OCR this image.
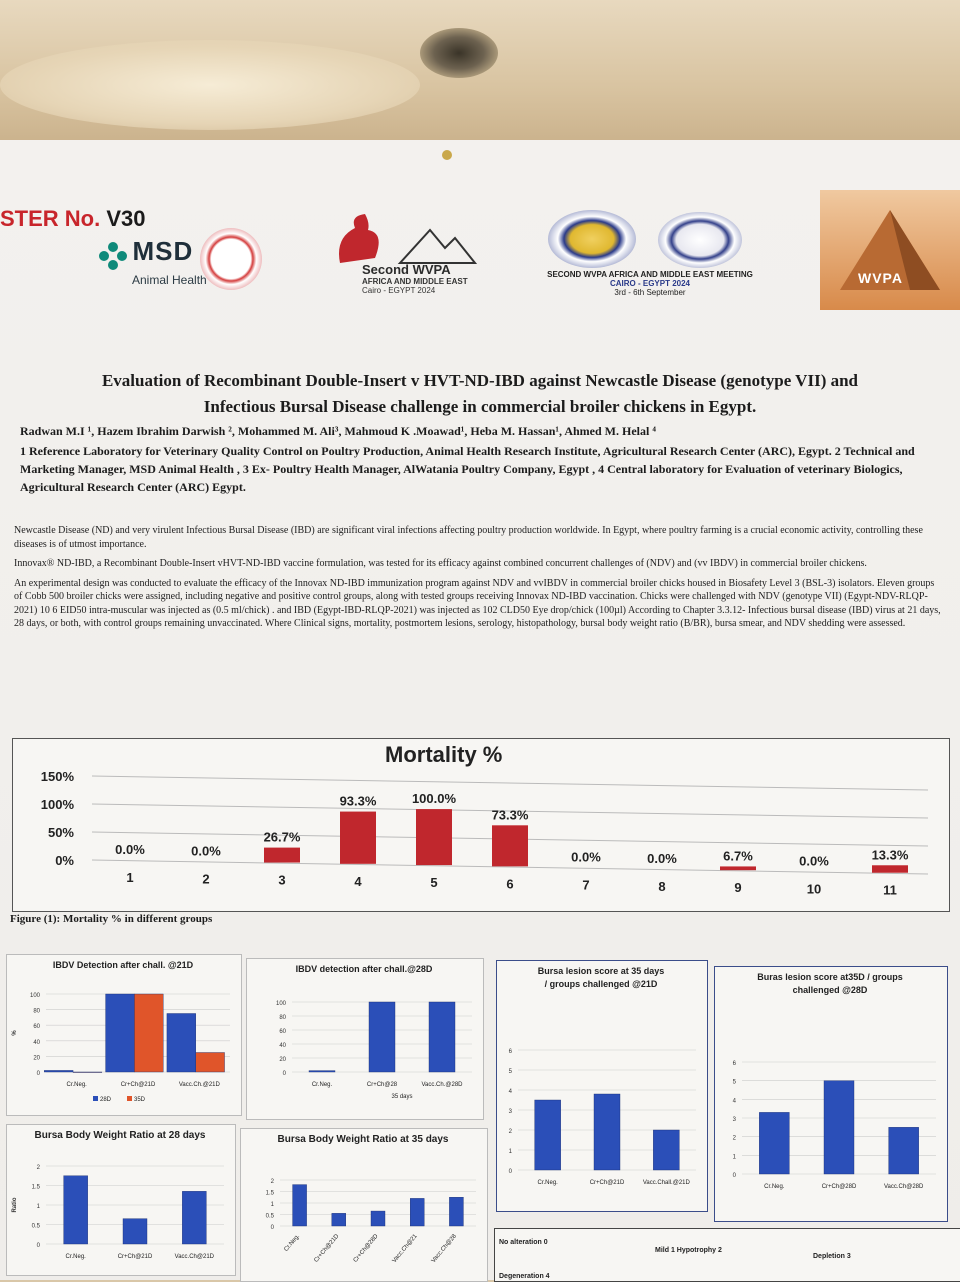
STER No. V30
MSD
Animal Health
Second WVPA
AFRICA AND MIDDLE EAST
Cairo - EGYPT 2024
SECOND WVPA AFRICA AND MIDDLE EAST MEETING
CAIRO - EGYPT 2024
3rd - 6th September
WVPA
Evaluation of Recombinant Double-Insert v HVT-ND-IBD against Newcastle Disease (genotype VII) and
Infectious Bursal Disease challenge in commercial broiler chickens in Egypt.
Radwan M.I ¹, Hazem Ibrahim Darwish ², Mohammed M. Ali³, Mahmoud K .Moawad¹, Heba M. Hassan¹, Ahmed M. Helal ⁴
1 Reference Laboratory for Veterinary Quality Control on Poultry Production, Animal Health Research Institute, Agricultural Research Center (ARC), Egypt. 2 Technical and Marketing Manager, MSD Animal Health , 3 Ex- Poultry Health Manager, AlWatania Poultry Company, Egypt , 4 Central laboratory for Evaluation of veterinary Biologics, Agricultural Research Center (ARC) Egypt.

Newcastle Disease (ND) and very virulent Infectious Bursal Disease (IBD) are significant viral infections affecting poultry production worldwide. In Egypt, where poultry farming is a crucial economic activity, controlling these diseases is of utmost importance.

Innovax® ND-IBD, a Recombinant Double-Insert vHVT-ND-IBD vaccine formulation, was tested for its efficacy against combined concurrent challenges of (NDV) and (vv IBDV) in commercial broiler chickens.

An experimental design was conducted to evaluate the efficacy of the Innovax ND-IBD immunization program against NDV and vvIBDV in commercial broiler chicks housed in Biosafety Level 3 (BSL-3) isolators. Eleven groups of Cobb 500 broiler chicks were assigned, including negative and positive control groups, along with tested groups receiving Innovax ND-IBD vaccination. Chicks were challenged with NDV (genotype VII) (Egypt-NDV-RLQP-2021) 10 6 EID50 intra-muscular was injected as (0.5 ml/chick) . and IBD (Egypt-IBD-RLQP-2021) was injected as 102 CLD50 Eye drop/chick (100µl) According to Chapter 3.3.12- Infectious bursal disease (IBD) virus at 21 days, 28 days, or both, with control groups remaining unvaccinated. Where Clinical signs, mortality, postmortem lesions, serology, histopathology, bursal body weight ratio (B/BR), bursa smear, and NDV shedding were assessed.

Mortality %
0%
50%
100%
150%
0.0%
1
0.0%
2
26.7%
3
93.3%
4
100.0%
5
73.3%
6
0.0%
7
0.0%
8
6.7%
9
0.0%
10
13.3%
11
Figure (1): Mortality % in different groups
IBDV Detection after chall. @21D
0
20
40
60
80
100
%
Cr.Neg.	Cr+Ch@21D	Vacc.Ch.@21D
28D	35D
IBDV detection after chall.@28D
0
20
40
60
80
100
Cr.Neg.	Cr+Ch@28	Vacc.Ch.@28D
35 days
Bursa lesion score at 35 days
/ groups challenged @21D
0
1
2
3
4
5
6
Cr.Neg.	Cr+Ch@21D	Vacc.Chall.@21D
Buras lesion score at35D / groups
challenged @28D
0
1
2
3
4
5
6
Cr.Neg.	Cr+Ch@28D	Vacc.Ch@28D
Bursa Body Weight Ratio at 28 days
0
0.5
1
1.5
2
Ratio
Cr.Neg.	Cr+Ch@21D	Vacc.Ch@21D
Bursa Body Weight Ratio at 35 days
0
0.5
1
1.5
2
Cr.Neg. Cr+Ch@21D Cr+Ch@28D Vacc.Ch@21 Vacc.Ch@28	No alteration 0
Mild 1 Hypotrophy 2
Depletion 3
Degeneration 4
